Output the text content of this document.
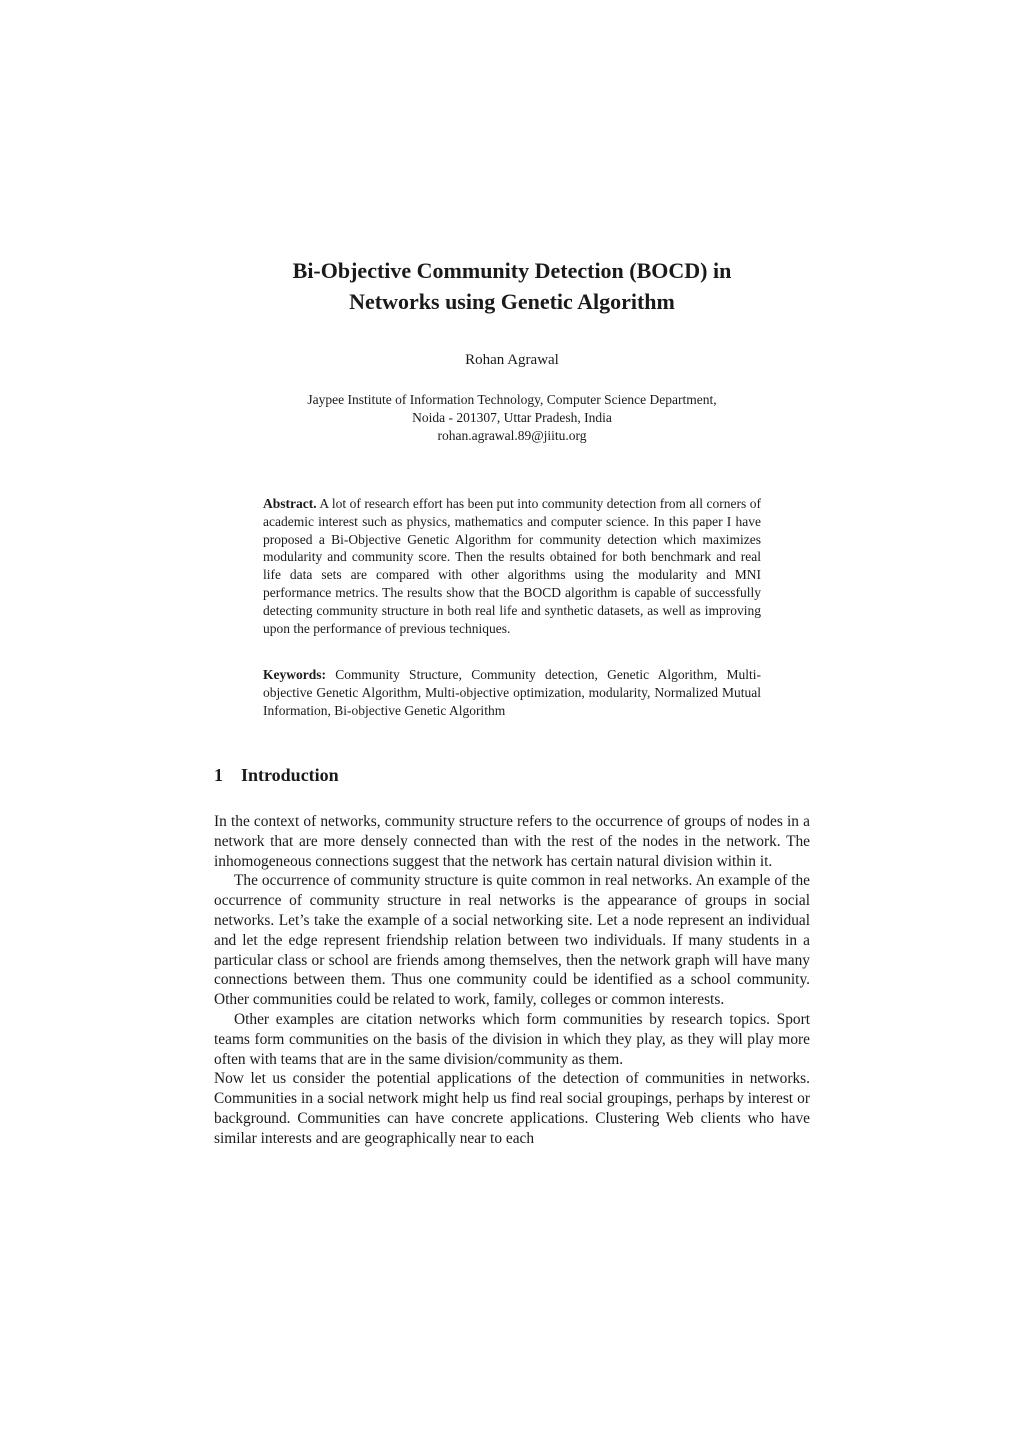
Bi-Objective Community Detection (BOCD) in
Networks using Genetic Algorithm
Rohan Agrawal
Jaypee Institute of Information Technology, Computer Science Department,
Noida - 201307, Uttar Pradesh, India
rohan.agrawal.89@jiitu.org

Abstract. A lot of research effort has been put into community detection from all corners of academic interest such as physics, mathematics and computer science. In this paper I have proposed a Bi-Objective Genetic Algorithm for community detection which maximizes modularity and community score. Then the results obtained for both benchmark and real life data sets are compared with other algorithms using the modularity and MNI performance metrics. The results show that the BOCD algorithm is capable of successfully detecting community structure in both real life and synthetic datasets, as well as improving upon the performance of previous techniques.

Keywords: Community Structure, Community detection, Genetic Algorithm, Multi-objective Genetic Algorithm, Multi-objective optimization, modularity, Normalized Mutual Information, Bi-objective Genetic Algorithm

1 Introduction

In the context of networks, community structure refers to the occurrence of groups of nodes in a network that are more densely connected than with the rest of the nodes in the network. The inhomogeneous connections suggest that the network has certain natural division within it.

The occurrence of community structure is quite common in real networks. An example of the occurrence of community structure in real networks is the appearance of groups in social networks. Let’s take the example of a social networking site. Let a node represent an individual and let the edge represent friendship relation between two individuals. If many students in a particular class or school are friends among themselves, then the network graph will have many connections between them. Thus one community could be identified as a school community. Other communities could be related to work, family, colleges or common interests.

Other examples are citation networks which form communities by research topics. Sport teams form communities on the basis of the division in which they play, as they will play more often with teams that are in the same division/community as them.

Now let us consider the potential applications of the detection of communities in networks. Communities in a social network might help us find real social groupings, perhaps by interest or background. Communities can have concrete applications. Clustering Web clients who have similar interests and are geographically near to each
